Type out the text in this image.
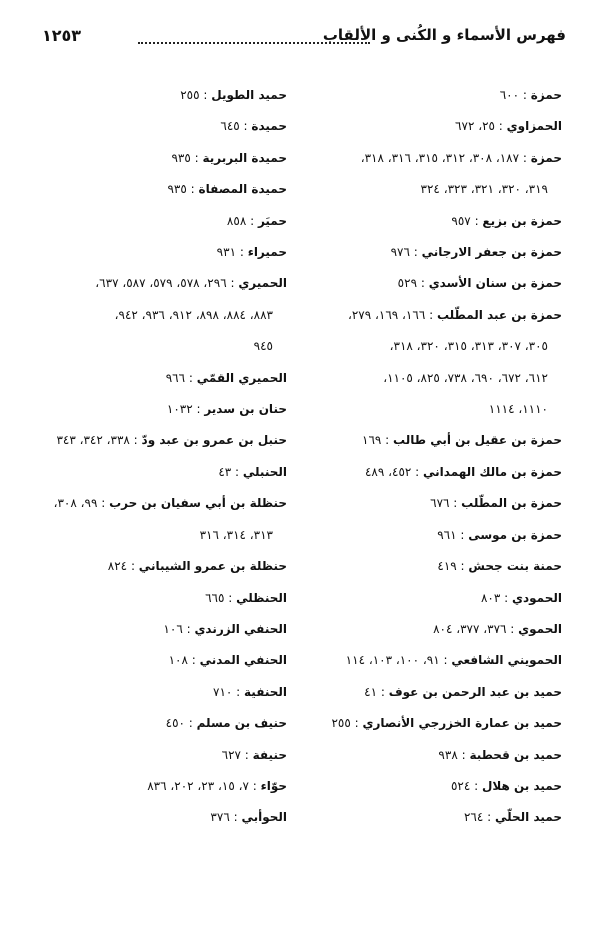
فهرس الأسماء و الكُنى و الألقاب
١٢٥٣
حمزة : ٦٠٠
الحمزاوي : ٢٥، ٦٧٢
حمزة : ١٨٧، ٣٠٨، ٣١٢، ٣١٥، ٣١٦، ٣١٨،
٣١٩، ٣٢٠، ٣٢١، ٣٢٣، ٣٢٤
حمزة بن بزيع : ٩٥٧
حمزة بن جعفر الارجاني : ٩٧٦
حمزة بن سنان الأسدي : ٥٢٩
حمزة بن عبد المطّلب : ١٦٦، ١٦٩، ٢٧٩،
٣٠٥، ٣٠٧، ٣١٣، ٣١٥، ٣٢٠، ٣١٨،
٦١٢، ٦٧٢، ٦٩٠، ٧٣٨، ٨٢٥، ١١٠٥،
١١١٠، ١١١٤
حمزة بن عقيل بن أبي طالب : ١٦٩
حمزة بن مالك الهمداني : ٤٥٢، ٤٨٩
حمزة بن المطّلب : ٦٧٦
حمزة بن موسى : ٩٦١
حمنة بنت جحش : ٤١٩
الحمودي : ٨٠٣
الحموي : ٣٧٦، ٣٧٧، ٨٠٤
الحمويني الشافعي : ٩١، ١٠٠، ١٠٣، ١١٤
حميد بن عبد الرحمن بن عوف : ٤١
حميد بن عمارة الخزرجي الأنصاري : ٢٥٥
حميد بن قحطبة : ٩٣٨
حميد بن هلال : ٥٢٤
حميد الحلّي : ٢٦٤
حميد الطويل : ٢٥٥
حميدة : ٦٤٥
حميدة البربرية : ٩٣٥
حميدة المصفاة : ٩٣٥
حميَر : ٨٥٨
حميراء : ٩٣١
الحميري : ٢٩٦، ٥٧٨، ٥٧٩، ٥٨٧، ٦٣٧،
٨٨٣، ٨٨٤، ٨٩٨، ٩١٢، ٩٣٦، ٩٤٢،
٩٤٥
الحميري القمّي : ٩٦٦
حنان بن سدير : ١٠٣٢
حنبل بن عمرو بن عبد ودّ : ٣٣٨، ٣٤٢، ٣٤٣
الحنبلي : ٤٣
حنظلة بن أبي سفيان بن حرب : ٩٩، ٣٠٨،
٣١٣، ٣١٤، ٣١٦
حنظلة بن عمرو الشيباني : ٨٢٤
الحنظلي : ٦٦٥
الحنفي الزرندي : ١٠٦
الحنفي المدني : ١٠٨
الحنفية : ٧١٠
حنيف بن مسلم : ٤٥٠
حنيفة : ٦٢٧
حوّاء : ٧، ١٥، ٢٣، ٢٠٢، ٨٣٦
الحوأبي : ٣٧٦
